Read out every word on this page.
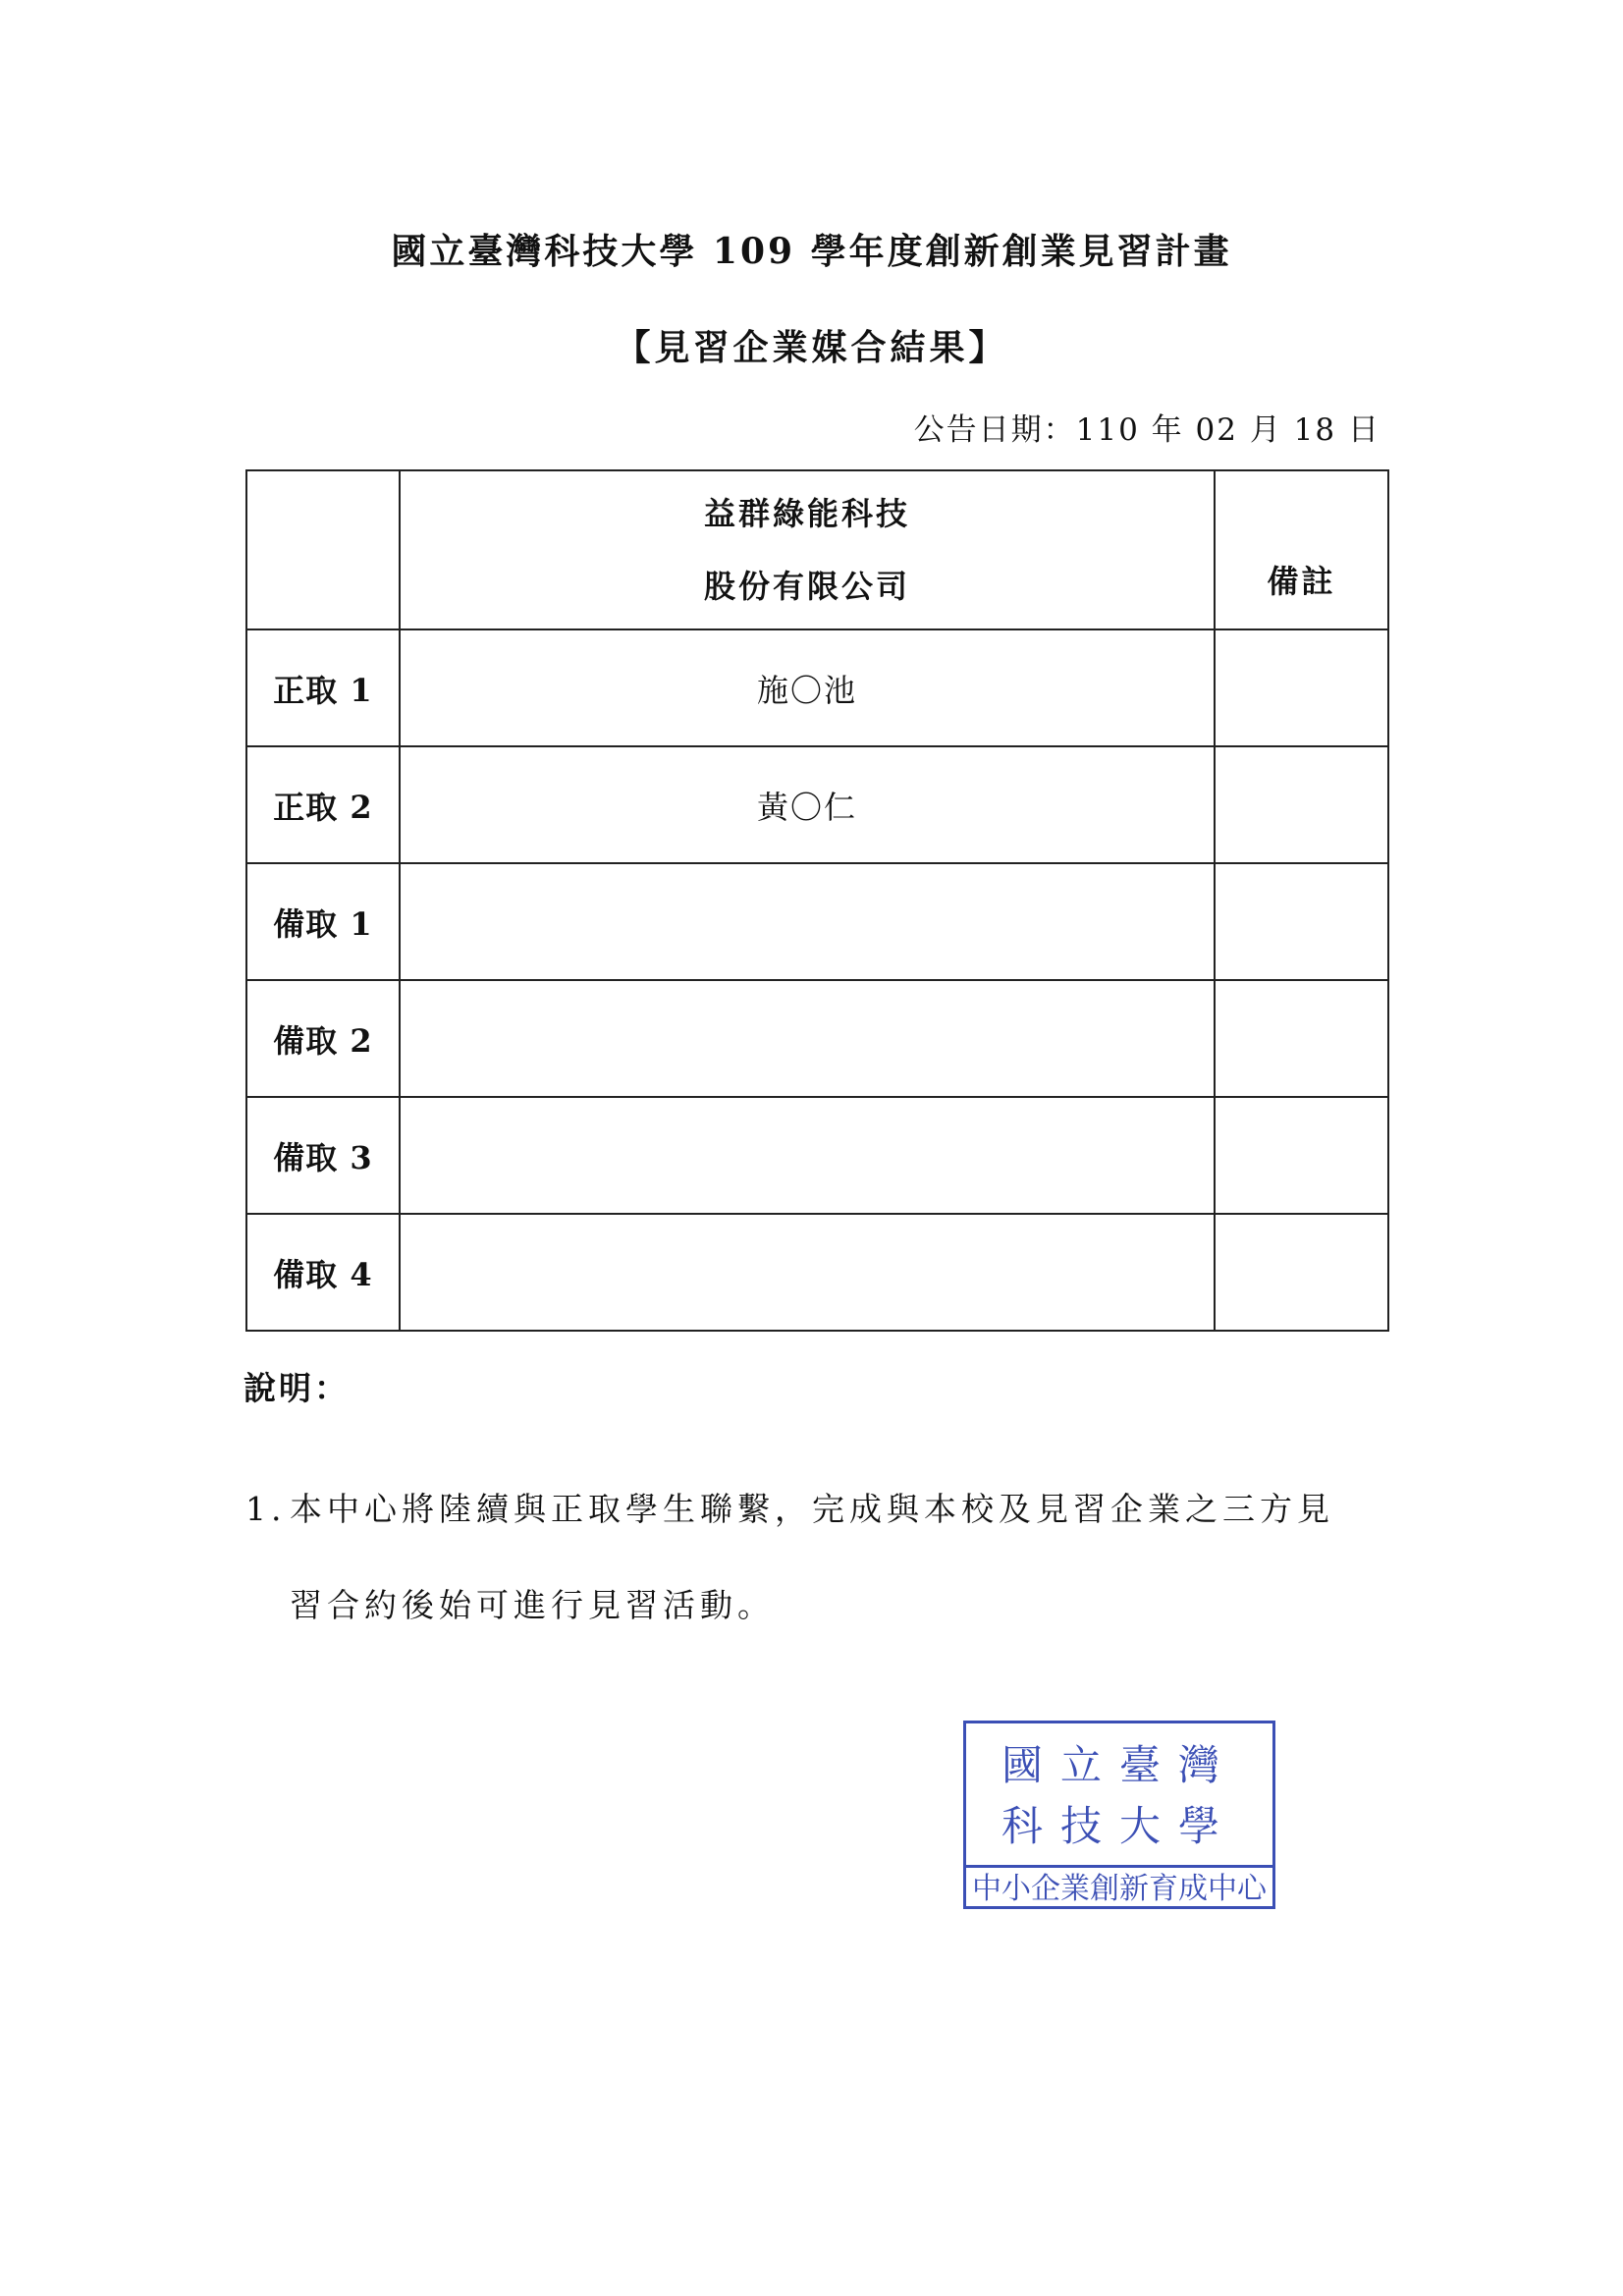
國立臺灣科技大學 109 學年度創新創業見習計畫
【見習企業媒合結果】
公告日期：110 年 02 月 18 日

	益群綠能科技
股份有限公司	備註
正取 1	施〇池	
正取 2	黃〇仁	
備取 1		
備取 2		
備取 3		
備取 4		
說明：
1. 本中心將陸續與正取學生聯繫，完成與本校及見習企業之三方見
習合約後始可進行見習活動。
國立臺灣
科技大學
中小企業創新育成中心
